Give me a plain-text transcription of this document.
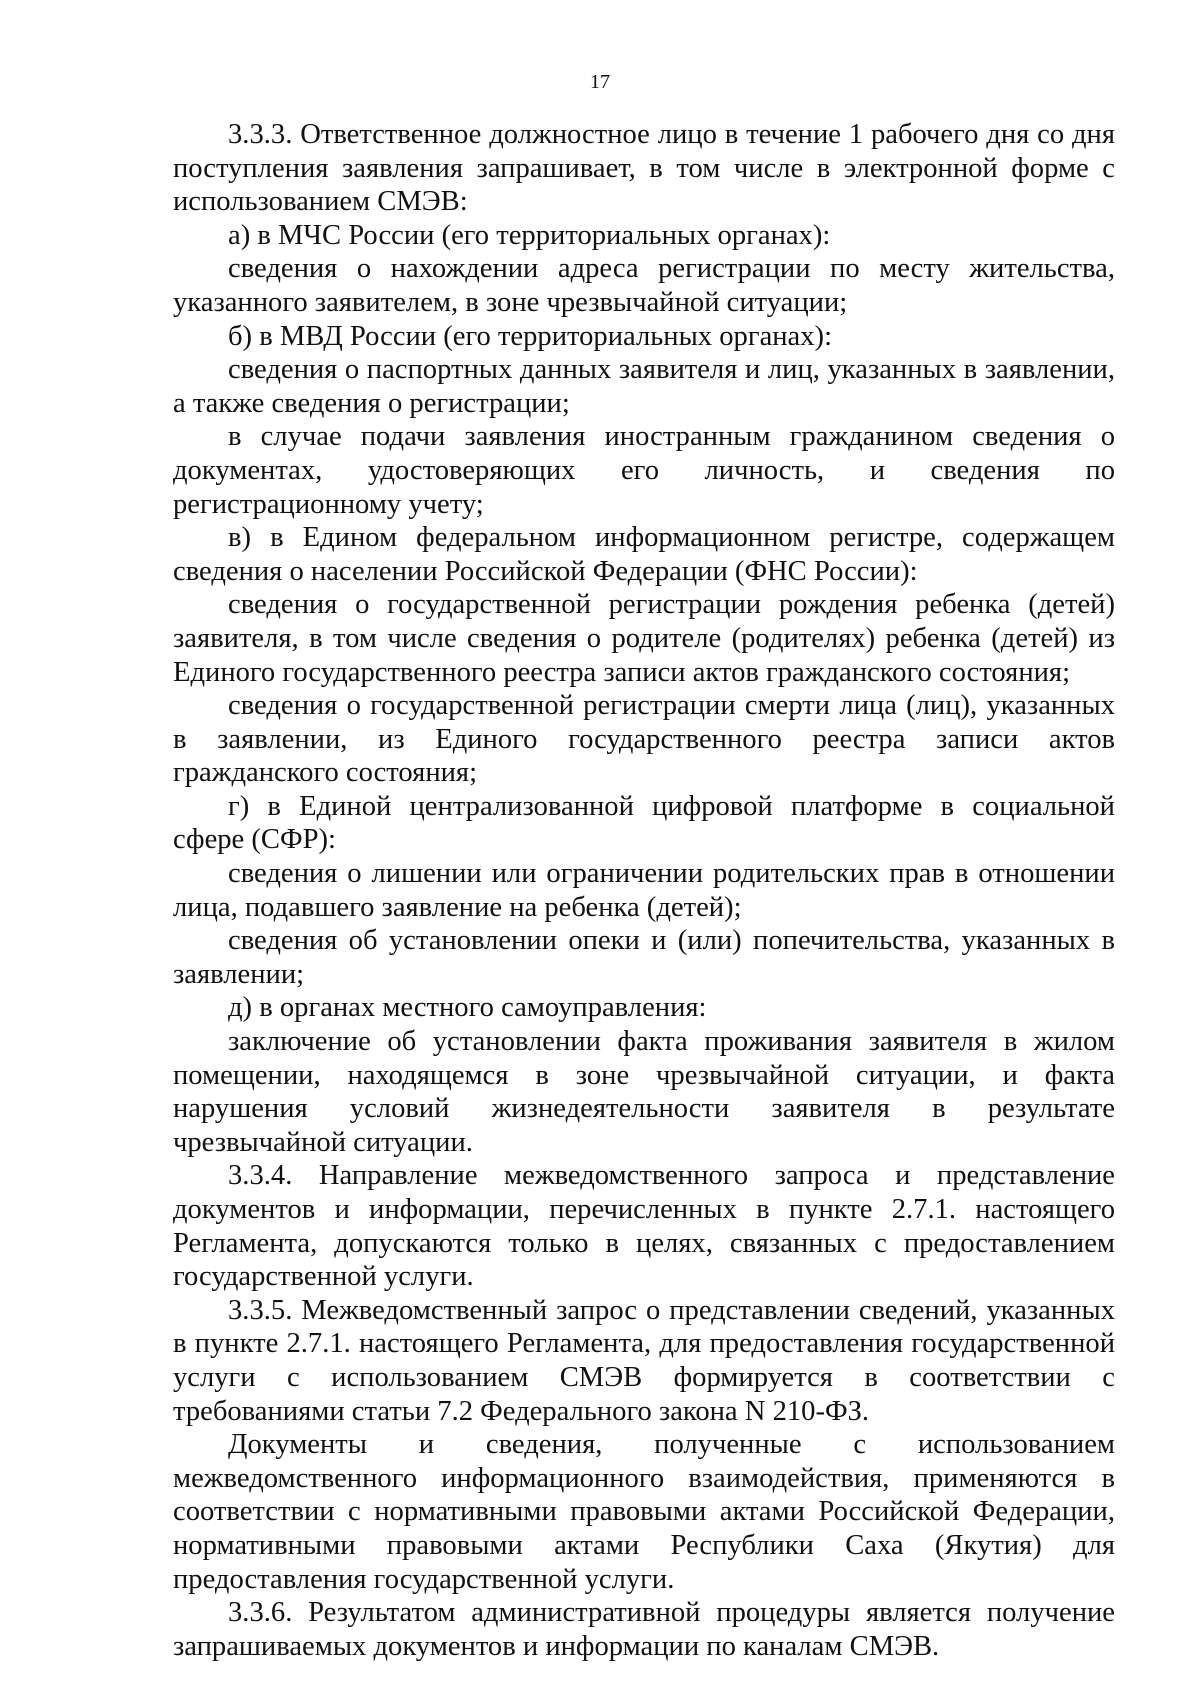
17

3.3.3. Ответственное должностное лицо в течение 1 рабочего дня со дня поступления заявления запрашивает, в том числе в электронной форме с использованием СМЭВ:

а) в МЧС России (его территориальных органах):

сведения о нахождении адреса регистрации по месту жительства, указанного заявителем, в зоне чрезвычайной ситуации;

б) в МВД России (его территориальных органах):

сведения о паспортных данных заявителя и лиц, указанных в заявлении, а также сведения о регистрации;

в случае подачи заявления иностранным гражданином сведения о документах, удостоверяющих его личность, и сведения по регистрационному учету;

в) в Едином федеральном информационном регистре, содержащем сведения о населении Российской Федерации (ФНС России):

сведения о государственной регистрации рождения ребенка (детей) заявителя, в том числе сведения о родителе (родителях) ребенка (детей) из Единого государственного реестра записи актов гражданского состояния;

сведения о государственной регистрации смерти лица (лиц), указанных в заявлении, из Единого государственного реестра записи актов гражданского состояния;

г) в Единой централизованной цифровой платформе в социальной сфере (СФР):

сведения о лишении или ограничении родительских прав в отношении лица, подавшего заявление на ребенка (детей);

сведения об установлении опеки и (или) попечительства, указанных в заявлении;

д) в органах местного самоуправления:

заключение об установлении факта проживания заявителя в жилом помещении, находящемся в зоне чрезвычайной ситуации, и факта нарушения условий жизнедеятельности заявителя в результате чрезвычайной ситуации.

3.3.4. Направление межведомственного запроса и представление документов и информации, перечисленных в пункте 2.7.1. настоящего Регламента, допускаются только в целях, связанных с предоставлением государственной услуги.

3.3.5. Межведомственный запрос о представлении сведений, указанных в пункте 2.7.1. настоящего Регламента, для предоставления государственной услуги с использованием СМЭВ формируется в соответствии с требованиями статьи 7.2 Федерального закона N 210-ФЗ.

Документы и сведения, полученные с использованием межведомственного информационного взаимодействия, применяются в соответствии с нормативными правовыми актами Российской Федерации, нормативными правовыми актами Республики Саха (Якутия) для предоставления государственной услуги.

3.3.6. Результатом административной процедуры является получение запрашиваемых документов и информации по каналам СМЭВ.
